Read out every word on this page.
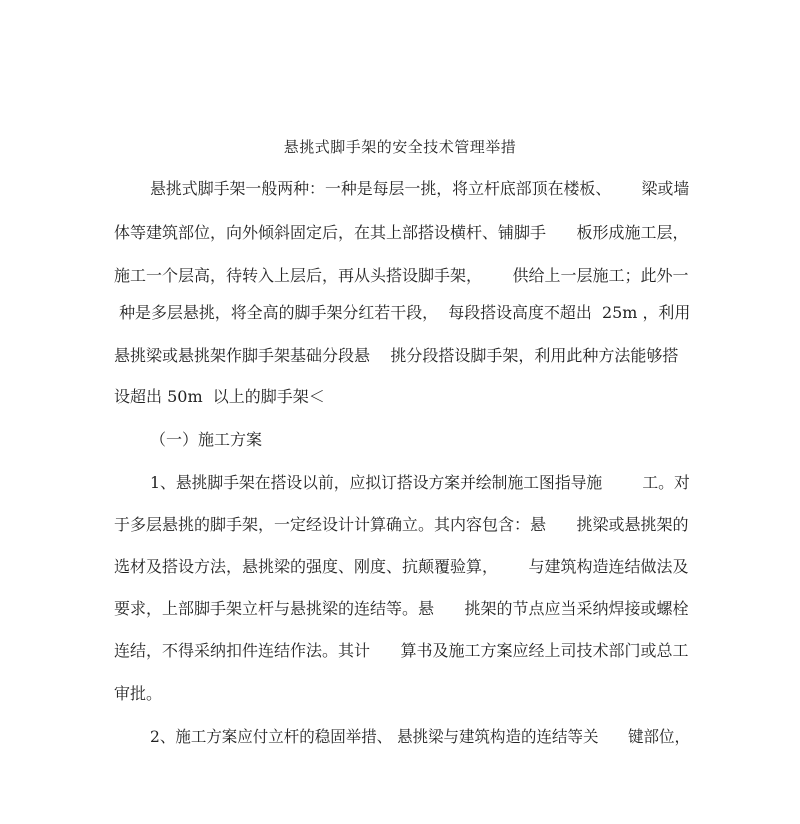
悬挑式脚手架的安全技术管理举措
悬挑式脚手架一般两种：一种是每层一挑，将立杆底部顶在楼板、      梁或墙
体等建筑部位，向外倾斜固定后，在其上部搭设横杆、铺脚手      板形成施工层，
施工一个层高，待转入上层后，再从头搭设脚手架，      供给上一层施工；此外一
种是多层悬挑，将全高的脚手架分红若干段，  每段搭设高度不超出  25m ，利用
悬挑梁或悬挑架作脚手架基础分段悬    挑分段搭设脚手架，利用此种方法能够搭
设超出 50m  以上的脚手架＜
（一）施工方案
1、悬挑脚手架在搭设以前，应拟订搭设方案并绘制施工图指导施        工。对
于多层悬挑的脚手架，一定经设计计算确立。其内容包含：悬      挑梁或悬挑架的
选材及搭设方法，悬挑梁的强度、刚度、抗颠覆验算，      与建筑构造连结做法及
要求，上部脚手架立杆与悬挑梁的连结等。悬      挑架的节点应当采纳焊接或螺栓
连结，不得采纳扣件连结作法。其计      算书及施工方案应经上司技术部门或总工
审批。
2、施工方案应付立杆的稳固举措、 悬挑梁与建筑构造的连结等关      键部位，
